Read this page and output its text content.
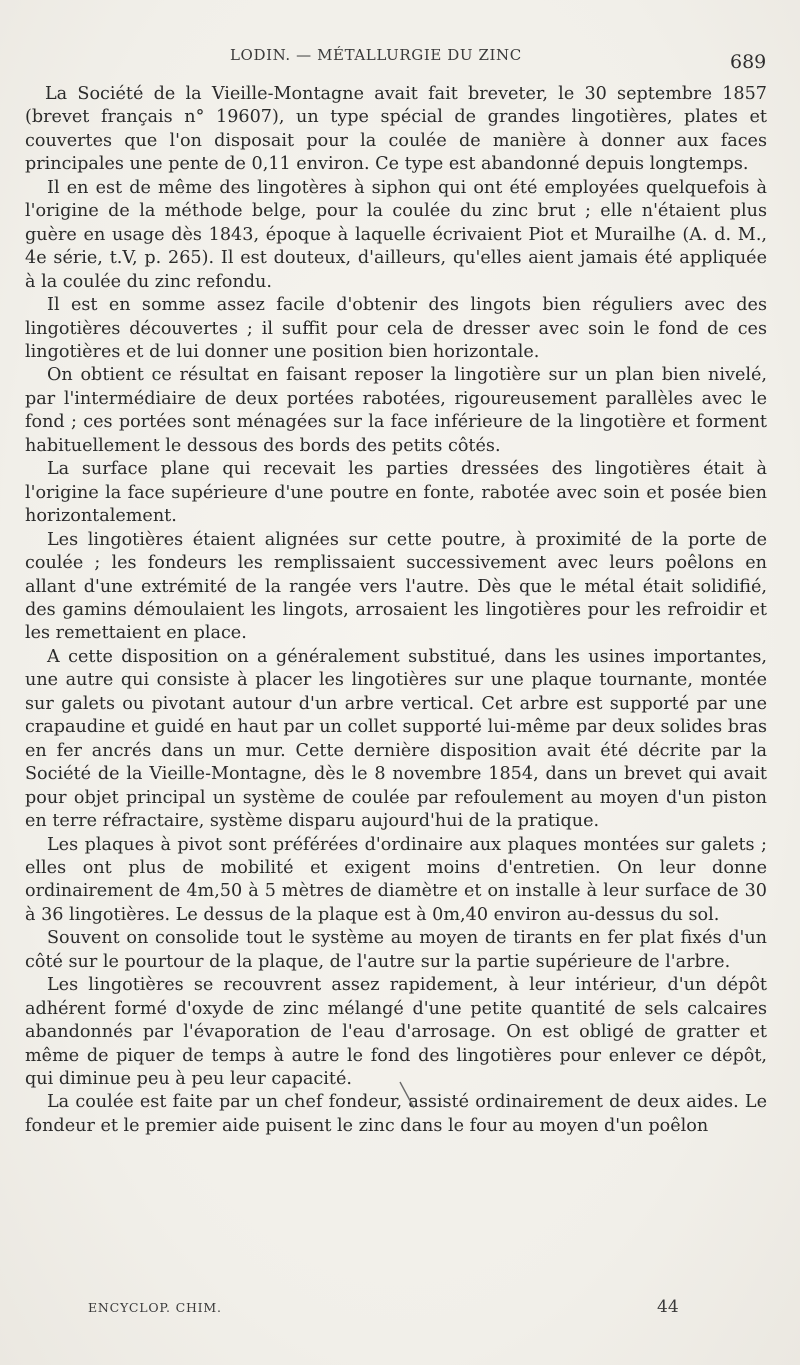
LODIN. — MÉTALLURGIE DU ZINC	689

La Société de la Vieille-Montagne avait fait breveter, le 30 septembre 1857 (brevet français n° 19607), un type spécial de grandes lingotières, plates et couvertes que l'on disposait pour la coulée de manière à donner aux faces principales une pente de 0,11 environ. Ce type est abandonné depuis longtemps.

Il en est de même des lingotères à siphon qui ont été employées quelquefois à l'origine de la méthode belge, pour la coulée du zinc brut ; elle n'étaient plus guère en usage dès 1843, époque à laquelle écrivaient Piot et Murailhe (A. d. M., 4e série, t.V, p. 265). Il est douteux, d'ailleurs, qu'elles aient jamais été appliquée à la coulée du zinc refondu.

Il est en somme assez facile d'obtenir des lingots bien réguliers avec des lingotières découvertes ; il suffit pour cela de dresser avec soin le fond de ces lingotières et de lui donner une position bien horizontale.

On obtient ce résultat en faisant reposer la lingotière sur un plan bien nivelé, par l'intermédiaire de deux portées rabotées, rigoureusement parallèles avec le fond ; ces portées sont ménagées sur la face inférieure de la lingotière et forment habituellement le dessous des bords des petits côtés.

La surface plane qui recevait les parties dressées des lingotières était à l'origine la face supérieure d'une poutre en fonte, rabotée avec soin et posée bien horizontalement.

Les lingotières étaient alignées sur cette poutre, à proximité de la porte de coulée ; les fondeurs les remplissaient successivement avec leurs poêlons en allant d'une extrémité de la rangée vers l'autre. Dès que le métal était solidifié, des gamins démoulaient les lingots, arrosaient les lingotières pour les refroidir et les remettaient en place.

A cette disposition on a généralement substitué, dans les usines importantes, une autre qui consiste à placer les lingotières sur une plaque tournante, montée sur galets ou pivotant autour d'un arbre vertical. Cet arbre est supporté par une crapaudine et guidé en haut par un collet supporté lui-même par deux solides bras en fer ancrés dans un mur. Cette dernière disposition avait été décrite par la Société de la Vieille-Montagne, dès le 8 novembre 1854, dans un brevet qui avait pour objet principal un système de coulée par refoulement au moyen d'un piston en terre réfractaire, système disparu aujourd'hui de la pratique.

Les plaques à pivot sont préférées d'ordinaire aux plaques montées sur galets ; elles ont plus de mobilité et exigent moins d'entretien. On leur donne ordinairement de 4m,50 à 5 mètres de diamètre et on installe à leur surface de 30 à 36 lingotières. Le dessus de la plaque est à 0m,40 environ au-dessus du sol.

Souvent on consolide tout le système au moyen de tirants en fer plat fixés d'un côté sur le pourtour de la plaque, de l'autre sur la partie supérieure de l'arbre.

Les lingotières se recouvrent assez rapidement, à leur intérieur, d'un dépôt adhérent formé d'oxyde de zinc mélangé d'une petite quantité de sels calcaires abandonnés par l'évaporation de l'eau d'arrosage. On est obligé de gratter et même de piquer de temps à autre le fond des lingotières pour enlever ce dépôt, qui diminue peu à peu leur capacité.

La coulée est faite par un chef fondeur, assisté ordinairement de deux aides. Le fondeur et le premier aide puisent le zinc dans le four au moyen d'un poêlon

ENCYCLOP. CHIM.	44
